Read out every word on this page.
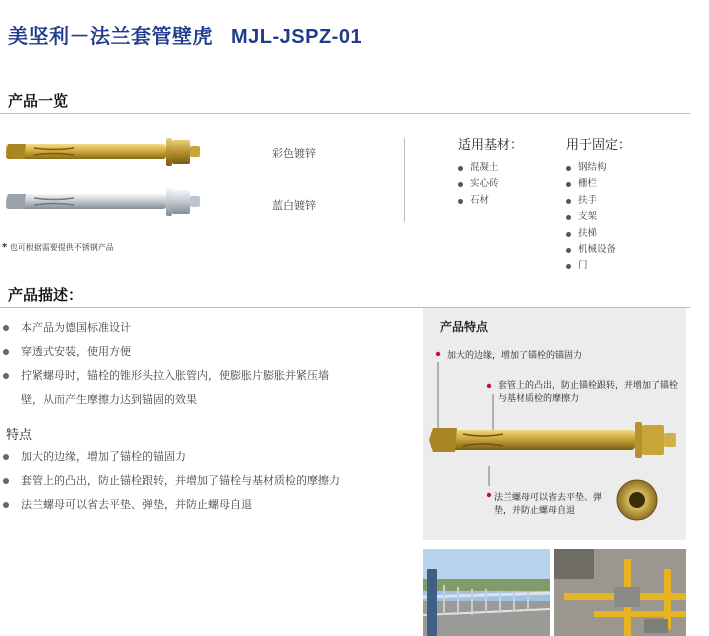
美坚利－法兰套管壁虎 MJL-JSPZ-01
产品一览
彩色镀锌
蓝白镀锌
* 也可根据需要提供不锈钢产品
适用基材：
混凝土
实心砖
石材
用于固定：
钢结构
栅栏
扶手
支架
扶梯
机械设备
门
产品描述：
本产品为德国标准设计
穿透式安装，使用方便
拧紧螺母时，锚栓的锥形头拉入胀管内，使膨胀片膨胀并紧压墙
壁，从而产生摩擦力达到锚固的效果
特点
加大的边缘，增加了锚栓的锚固力
套管上的凸出，防止锚栓跟转，并增加了锚栓与基材质检的摩擦力
法兰螺母可以省去平垫、弹垫，并防止螺母自退
产品特点
加大的边缘，增加了锚栓的锚固力
套管上的凸出，防止锚栓跟转，并增加了锚栓与基材质检的摩擦力
法兰螺母可以省去平垫、弹垫，并防止螺母自退
